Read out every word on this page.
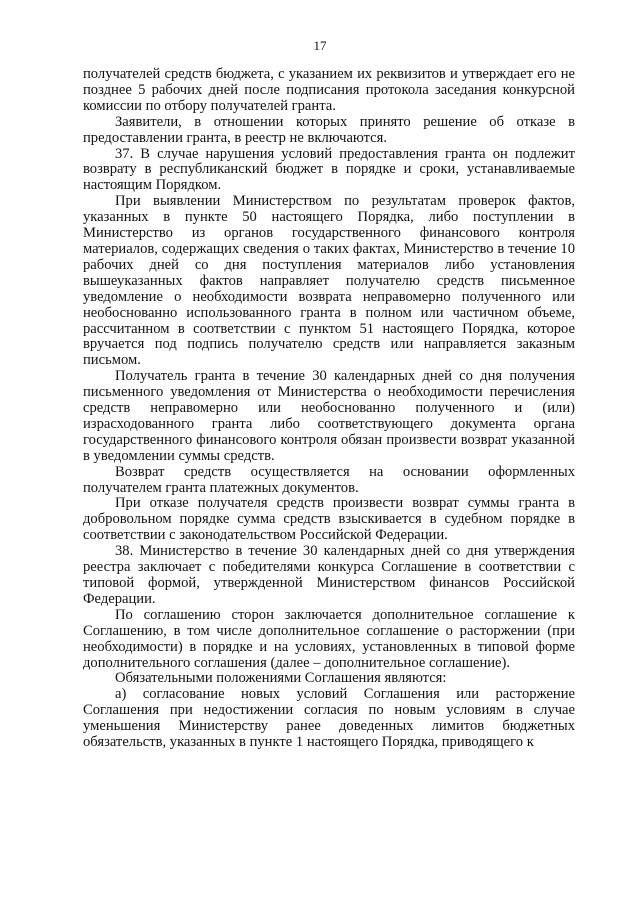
17

получателей средств бюджета, с указанием их реквизитов и утверждает его не позднее 5 рабочих дней после подписания протокола заседания конкурсной комиссии по отбору получателей гранта.

Заявители, в отношении которых принято решение об отказе в предоставлении гранта, в реестр не включаются.

37. В случае нарушения условий предоставления гранта он подлежит возврату в республиканский бюджет в порядке и сроки, устанавливаемые настоящим Порядком.

При выявлении Министерством по результатам проверок фактов, указанных в пункте 50 настоящего Порядка, либо поступлении в Министерство из органов государственного финансового контроля материалов, содержащих сведения о таких фактах, Министерство в течение 10 рабочих дней со дня поступления материалов либо установления вышеуказанных фактов направляет получателю средств письменное уведомление о необходимости возврата неправомерно полученного или необоснованно использованного гранта в полном или частичном объеме, рассчитанном в соответствии с пунктом 51 настоящего Порядка, которое вручается под подпись получателю средств или направляется заказным письмом.

Получатель гранта в течение 30 календарных дней со дня получения письменного уведомления от Министерства о необходимости перечисления средств неправомерно или необоснованно полученного и (или) израсходованного гранта либо соответствующего документа органа государственного финансового контроля обязан произвести возврат указанной в уведомлении суммы средств.

Возврат средств осуществляется на основании оформленных получателем гранта платежных документов.

При отказе получателя средств произвести возврат суммы гранта в добровольном порядке сумма средств взыскивается в судебном порядке в соответствии с законодательством Российской Федерации.

38. Министерство в течение 30 календарных дней со дня утверждения реестра заключает с победителями конкурса Соглашение в соответствии с типовой формой, утвержденной Министерством финансов Российской Федерации.

По соглашению сторон заключается дополнительное соглашение к Соглашению, в том числе дополнительное соглашение о расторжении (при необходимости) в порядке и на условиях, установленных в типовой форме дополнительного соглашения (далее – дополнительное соглашение).

Обязательными положениями Соглашения являются:

а) согласование новых условий Соглашения или расторжение Соглашения при недостижении согласия по новым условиям в случае уменьшения Министерству ранее доведенных лимитов бюджетных обязательств, указанных в пункте 1 настоящего Порядка, приводящего к
